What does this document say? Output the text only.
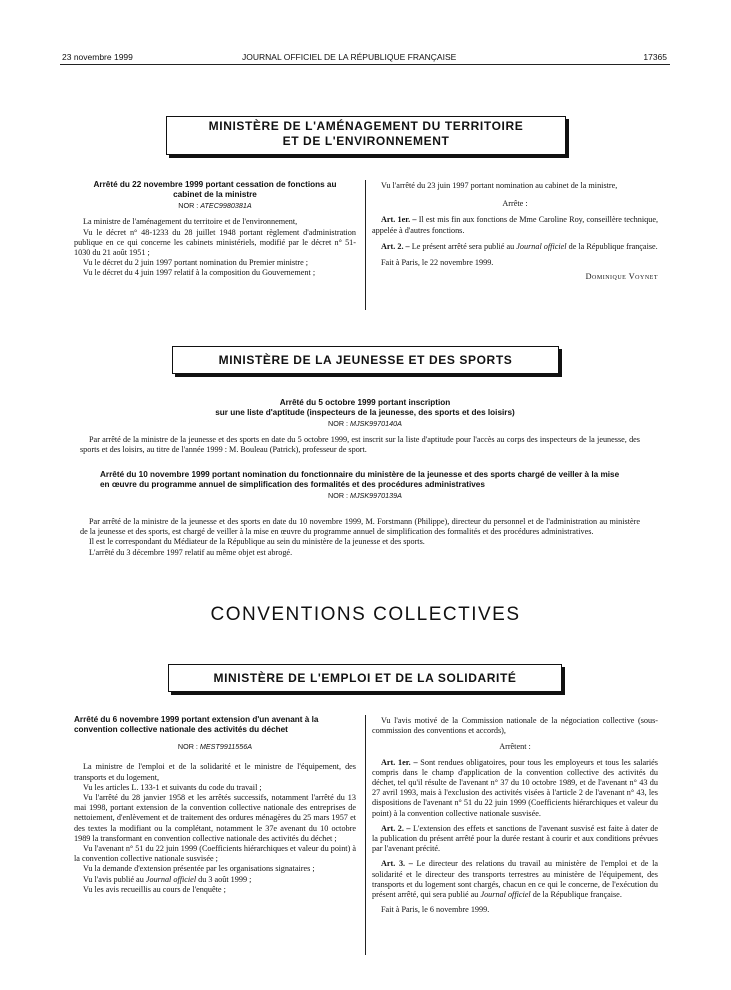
23 novembre 1999	JOURNAL OFFICIEL DE LA RÉPUBLIQUE FRANÇAISE	17365
MINISTÈRE DE L'AMÉNAGEMENT DU TERRITOIRE
ET DE L'ENVIRONNEMENT
Arrêté du 22 novembre 1999 portant cessation de fonctions au cabinet de la ministre
NOR : ATEC9980381A

La ministre de l'aménagement du territoire et de l'environnement,

Vu le décret n° 48-1233 du 28 juillet 1948 portant règlement d'administration publique en ce qui concerne les cabinets ministériels, modifié par le décret n° 51-1030 du 21 août 1951 ;

Vu le décret du 2 juin 1997 portant nomination du Premier ministre ;

Vu le décret du 4 juin 1997 relatif à la composition du Gouvernement ;

Vu l'arrêté du 23 juin 1997 portant nomination au cabinet de la ministre,

Arrête :

Art. 1er. – Il est mis fin aux fonctions de Mme Caroline Roy, conseillère technique, appelée à d'autres fonctions.

Art. 2. – Le présent arrêté sera publié au Journal officiel de la République française.

Fait à Paris, le 22 novembre 1999.

Dominique Voynet

MINISTÈRE DE LA JEUNESSE ET DES SPORTS
Arrêté du 5 octobre 1999 portant inscription
sur une liste d'aptitude (inspecteurs de la jeunesse, des sports et des loisirs)
NOR : MJSK9970140A

Par arrêté de la ministre de la jeunesse et des sports en date du 5 octobre 1999, est inscrit sur la liste d'aptitude pour l'accès au corps des inspecteurs de la jeunesse, des sports et des loisirs, au titre de l'année 1999 : M. Bouleau (Patrick), professeur de sport.

Arrêté du 10 novembre 1999 portant nomination du fonctionnaire du ministère de la jeunesse et des sports chargé de veiller à la mise en œuvre du programme annuel de simplification des formalités et des procédures administratives
NOR : MJSK9970139A

Par arrêté de la ministre de la jeunesse et des sports en date du 10 novembre 1999, M. Forstmann (Philippe), directeur du personnel et de l'administration au ministère de la jeunesse et des sports, est chargé de veiller à la mise en œuvre du programme annuel de simplification des formalités et des procédures administratives.

Il est le correspondant du Médiateur de la République au sein du ministère de la jeunesse et des sports.

L'arrêté du 3 décembre 1997 relatif au même objet est abrogé.

CONVENTIONS COLLECTIVES
MINISTÈRE DE L'EMPLOI ET DE LA SOLIDARITÉ
Arrêté du 6 novembre 1999 portant extension d'un avenant à la convention collective nationale des activités du déchet
NOR : MESТ9911556A

La ministre de l'emploi et de la solidarité et le ministre de l'équipement, des transports et du logement,

Vu les articles L. 133-1 et suivants du code du travail ;

Vu l'arrêté du 28 janvier 1958 et les arrêtés successifs, notamment l'arrêté du 13 mai 1998, portant extension de la convention collective nationale des entreprises de nettoiement, d'enlèvement et de traitement des ordures ménagères du 25 mars 1957 et des textes la modifiant ou la complétant, notamment le 37e avenant du 10 octobre 1989 la transformant en convention collective nationale des activités du déchet ;

Vu l'avenant n° 51 du 22 juin 1999 (Coefficients hiérarchiques et valeur du point) à la convention collective nationale susvisée ;

Vu la demande d'extension présentée par les organisations signataires ;

Vu l'avis publié au Journal officiel du 3 août 1999 ;

Vu les avis recueillis au cours de l'enquête ;

Vu l'avis motivé de la Commission nationale de la négociation collective (sous-commission des conventions et accords),

Arrêtent :

Art. 1er. – Sont rendues obligatoires, pour tous les employeurs et tous les salariés compris dans le champ d'application de la convention collective des activités du déchet, tel qu'il résulte de l'avenant n° 37 du 10 octobre 1989, et de l'avenant n° 43 du 27 avril 1993, mais à l'exclusion des activités visées à l'article 2 de l'avenant n° 43, les dispositions de l'avenant n° 51 du 22 juin 1999 (Coefficients hiérarchiques et valeur du point) à la convention collective nationale susvisée.

Art. 2. – L'extension des effets et sanctions de l'avenant susvisé est faite à dater de la publication du présent arrêté pour la durée restant à courir et aux conditions prévues par l'avenant précité.

Art. 3. – Le directeur des relations du travail au ministère de l'emploi et de la solidarité et le directeur des transports terrestres au ministère de l'équipement, des transports et du logement sont chargés, chacun en ce qui le concerne, de l'exécution du présent arrêté, qui sera publié au Journal officiel de la République française.

Fait à Paris, le 6 novembre 1999.
